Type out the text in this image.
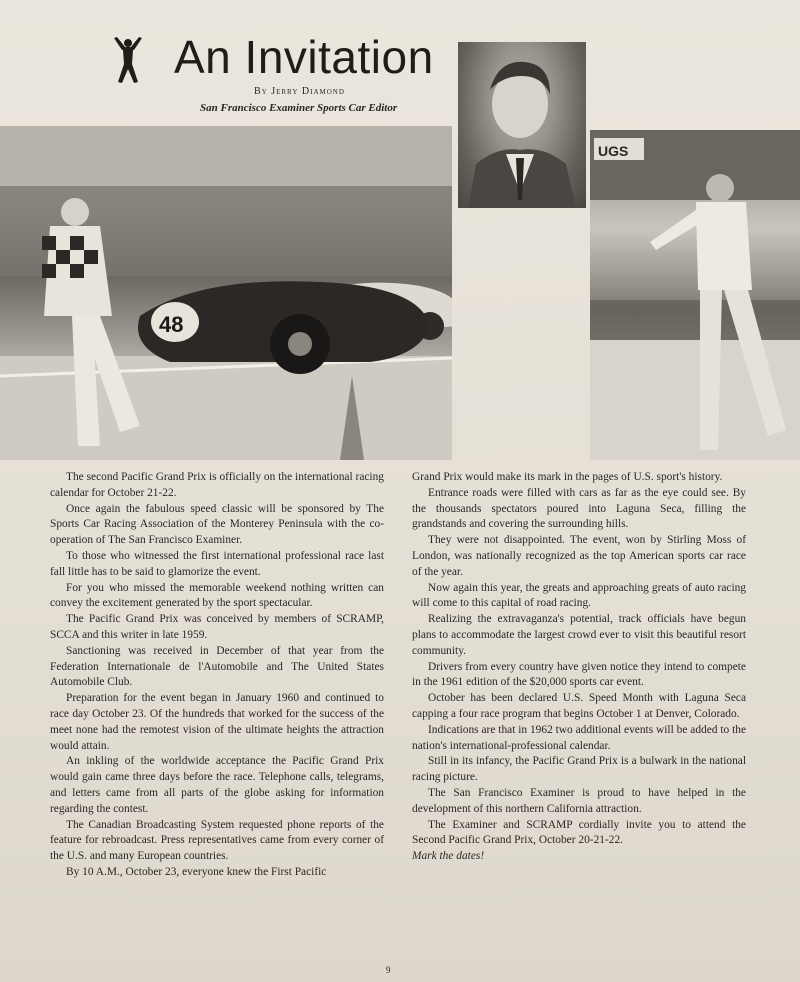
An Invitation
By Jerry Diamond
San Francisco Examiner Sports Car Editor
48
UGS

The second Pacific Grand Prix is officially on the international racing calendar for October 21-22.

Once again the fabulous speed classic will be sponsored by The Sports Car Racing Association of the Monterey Peninsula with the co-operation of The San Francisco Examiner.

To those who witnessed the first international professional race last fall little has to be said to glamorize the event.

For you who missed the memorable weekend nothing written can convey the excitement generated by the sport spectacular.

The Pacific Grand Prix was conceived by members of SCRAMP, SCCA and this writer in late 1959.

Sanctioning was received in December of that year from the Federation Internationale de l'Automobile and The United States Automobile Club.

Preparation for the event began in January 1960 and continued to race day October 23. Of the hundreds that worked for the success of the meet none had the remotest vision of the ultimate heights the attraction would attain.

An inkling of the worldwide acceptance the Pacific Grand Prix would gain came three days before the race. Telephone calls, telegrams, and letters came from all parts of the globe asking for information regarding the contest.

The Canadian Broadcasting System requested phone reports of the feature for rebroadcast. Press representatives came from every corner of the U.S. and many European countries.

By 10 A.M., October 23, everyone knew the First Pacific

Grand Prix would make its mark in the pages of U.S. sport's history.

Entrance roads were filled with cars as far as the eye could see. By the thousands spectators poured into Laguna Seca, filling the grandstands and covering the surrounding hills.

They were not disappointed. The event, won by Stirling Moss of London, was nationally recognized as the top American sports car race of the year.

Now again this year, the greats and approaching greats of auto racing will come to this capital of road racing.

Realizing the extravaganza's potential, track officials have begun plans to accommodate the largest crowd ever to visit this beautiful resort community.

Drivers from every country have given notice they intend to compete in the 1961 edition of the $20,000 sports car event.

October has been declared U.S. Speed Month with Laguna Seca capping a four race program that begins October 1 at Denver, Colorado.

Indications are that in 1962 two additional events will be added to the nation's international-professional calendar.

Still in its infancy, the Pacific Grand Prix is a bulwark in the national racing picture.

The San Francisco Examiner is proud to have helped in the development of this northern California attraction.

The Examiner and SCRAMP cordially invite you to attend the Second Pacific Grand Prix, October 20-21-22.

Mark the dates!

9
